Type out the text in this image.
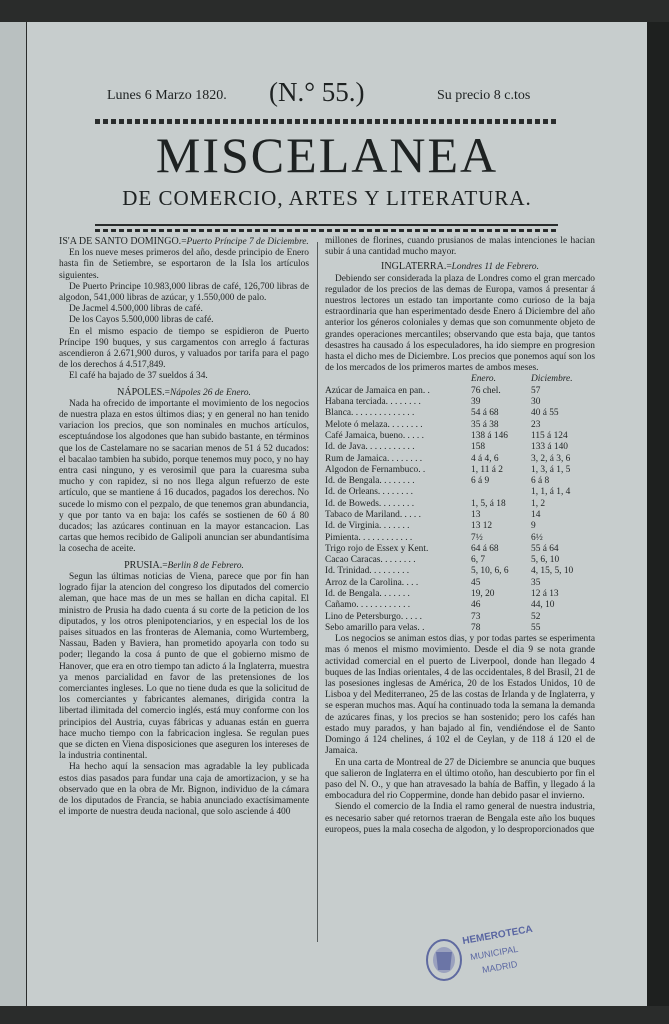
Lunes 6 Marzo 1820. (N.° 55.)	Su precio 8 c.tos
MISCELANEA
DE COMERCIO, ARTES Y LITERATURA.

IS'A DE SANTO DOMINGO.=Puerto Príncipe 7 de Diciembre.

En los nueve meses primeros del año, desde principio de Enero hasta fin de Setiembre, se esportaron de la Isla los artículos siguientes.

De Puerto Principe 10.983,000 libras de café, 126,700 libras de algodon, 541,000 libras de azúcar, y 1.550,000 de palo.

De Jacmel 4.500,000 libras de café.

De los Cayos 5.500,000 libras de café.

En el mismo espacio de tiempo se espidieron de Puerto Príncipe 190 buques, y sus cargamentos con arreglo á facturas ascendieron á 2.671,900 duros, y valuados por tarifa para el pago de los derechos á 4.517,849.

El café ha bajado de 37 sueldos á 34.

NÁPOLES.=Nápoles 26 de Enero.

Nada ha ofrecido de importante el movimiento de los negocios de nuestra plaza en estos últimos dias; y en general no han tenido variacion los precios, que son nominales en muchos artículos, esceptuándose los algodones que han subido bastante, en términos que los de Castelamare no se sacarian menos de 51 á 52 ducados: el bacalao tambien ha subido, porque tenemos muy poco, y no hay entra casi ninguno, y es verosimil que para la cuaresma suba mucho y con rapidez, si no nos llega algun refuerzo de este artículo, que se mantiene á 16 ducados, pagados los derechos. No sucede lo mismo con el pezpalo, de que tenemos gran abundancia, y que por tanto va en baja: los cafés se sostienen de 60 á 80 ducados; las azúcares continuan en la mayor estancacion. Las cartas que hemos recibido de Galipoli anuncian ser abundantísima la cosecha de aceite.

PRUSIA.=Berlin 8 de Febrero.

Segun las últimas noticias de Viena, parece que por fin han logrado fijar la atencion del congreso los diputados del comercio aleman, que hace mas de un mes se hallan en dicha capital. El ministro de Prusia ha dado cuenta á su corte de la peticion de los diputados, y los otros plenipotenciarios, y en especial los de los paises situados en las fronteras de Alemania, como Wurtemberg, Nassau, Baden y Baviera, han prometido apoyarla con todo su poder; llegando la cosa á punto de que el gobierno mismo de Hanover, que era en otro tiempo tan adicto á la Inglaterra, muestra ya menos parcialidad en favor de las pretensiones de los comerciantes ingleses. Lo que no tiene duda es que la solicitud de los comerciantes y fabricantes alemanes, dirigida contra la libertad ilimitada del comercio inglés, está muy conforme con los principios del Austria, cuyas fábricas y aduanas están en guerra hace mucho tiempo con la fabricacion inglesa. Se regulan pues que se dicten en Viena disposiciones que aseguren los intereses de la industria continental.

Ha hecho aquí la sensacion mas agradable la ley publicada estos dias pasados para fundar una caja de amortizacion, y se ha observado que en la obra de Mr. Bignon, individuo de la cámara de los diputados de Francia, se habia anunciado exactísimamente el importe de nuestra deuda nacional, que solo asciende á 400

millones de florines, cuando prusianos de malas intenciones le hacian subir á una cantidad mucho mayor.

INGLATERRA.=Londres 11 de Febrero.

Debiendo ser considerada la plaza de Londres como el gran mercado regulador de los precios de las demas de Europa, vamos á presentar á nuestros lectores un estado tan importante como curioso de la baja estraordinaria que han esperimentado desde Enero á Diciembre del año anterior los géneros coloniales y demas que son comunmente objeto de grandes operaciones mercantiles; observando que esta baja, que tantos desastres ha causado á los especuladores, ha ido siempre en progresion hasta el dicho mes de Diciembre. Los precios que ponemos aquí son los de los mercados de los primeros martes de ambos meses.

	Enero.	Diciembre.
Azúcar de Jamaica en pan. .	76 chel.	57
Habana terciada. . . . . . . .	39	30
Blanca. . . . . . . . . . . . . .	54 á 68	40 á 55
Melote ó melaza. . . . . . . .	35 á 38	23
Café Jamaica, bueno. . . . .	138 á 146	115 á 124
Id. de Java. . . . . . . . . . .	158	133 á 140
Rum de Jamaica. . . . . . . .	4 á 4, 6	3, 2, á 3, 6
Algodon de Fernambuco. .	1, 11 á 2	1, 3, á 1, 5
Id. de Bengala. . . . . . . .	6 á 9	6 á 8
Id. de Orleans. . . . . . . .		1, 1, á 1, 4
Id. de Boweds. . . . . . . .	1, 5, á 18	1, 2
Tabaco de Mariland. . . . .	13	14
Id. de Virginia. . . . . . .	13 12	9
Pimienta. . . . . . . . . . . .	7½	6½
Trigo rojo de Essex y Kent.	64 á 68	55 á 64
Cacao Caracas. . . . . . . .	6, 7	5, 6, 10
Id. Trinidad. . . . . . . . .	5, 10, 6, 6	4, 15, 5, 10
Arroz de la Carolina. . . .	45	35
Id. de Bengala. . . . . . .	19, 20	12 á 13
Cañamo. . . . . . . . . . . .	46	44, 10
Lino de Petersburgo. . . . .	73	52
Sebo amarillo para velas. .	78	55

Los negocios se animan estos dias, y por todas partes se esperimenta mas ó menos el mismo movimiento. Desde el dia 9 se nota grande actividad comercial en el puerto de Liverpool, donde han llegado 4 buques de las Indias orientales, 4 de las occidentales, 8 del Brasil, 21 de las posesiones inglesas de América, 20 de los Estados Unidos, 10 de Lisboa y del Mediterraneo, 25 de las costas de Irlanda y de Inglaterra, y se esperan muchos mas. Aquí ha continuado toda la semana la demanda de azúcares finas, y los precios se han sostenido; pero los cafés han estado muy parados, y han bajado al fin, vendiéndose el de Santo Domingo á 124 chelines, á 102 el de Ceylan, y de 118 á 120 el de Jamaica.

En una carta de Montreal de 27 de Diciembre se anuncia que buques que salieron de Inglaterra en el último otoño, han descubierto por fin el paso del N. O., y que han atravesado la bahía de Baffin, y llegado á la embocadura del rio Coppermine, donde han debido pasar el invierno.

Siendo el comercio de la India el ramo general de nuestra industria, es necesario saber qué retornos traeran de Bengala este año los buques europeos, pues la mala cosecha de algodon, y lo desproporcionados que

HEMEROTECA
MUNICIPAL
MADRID
